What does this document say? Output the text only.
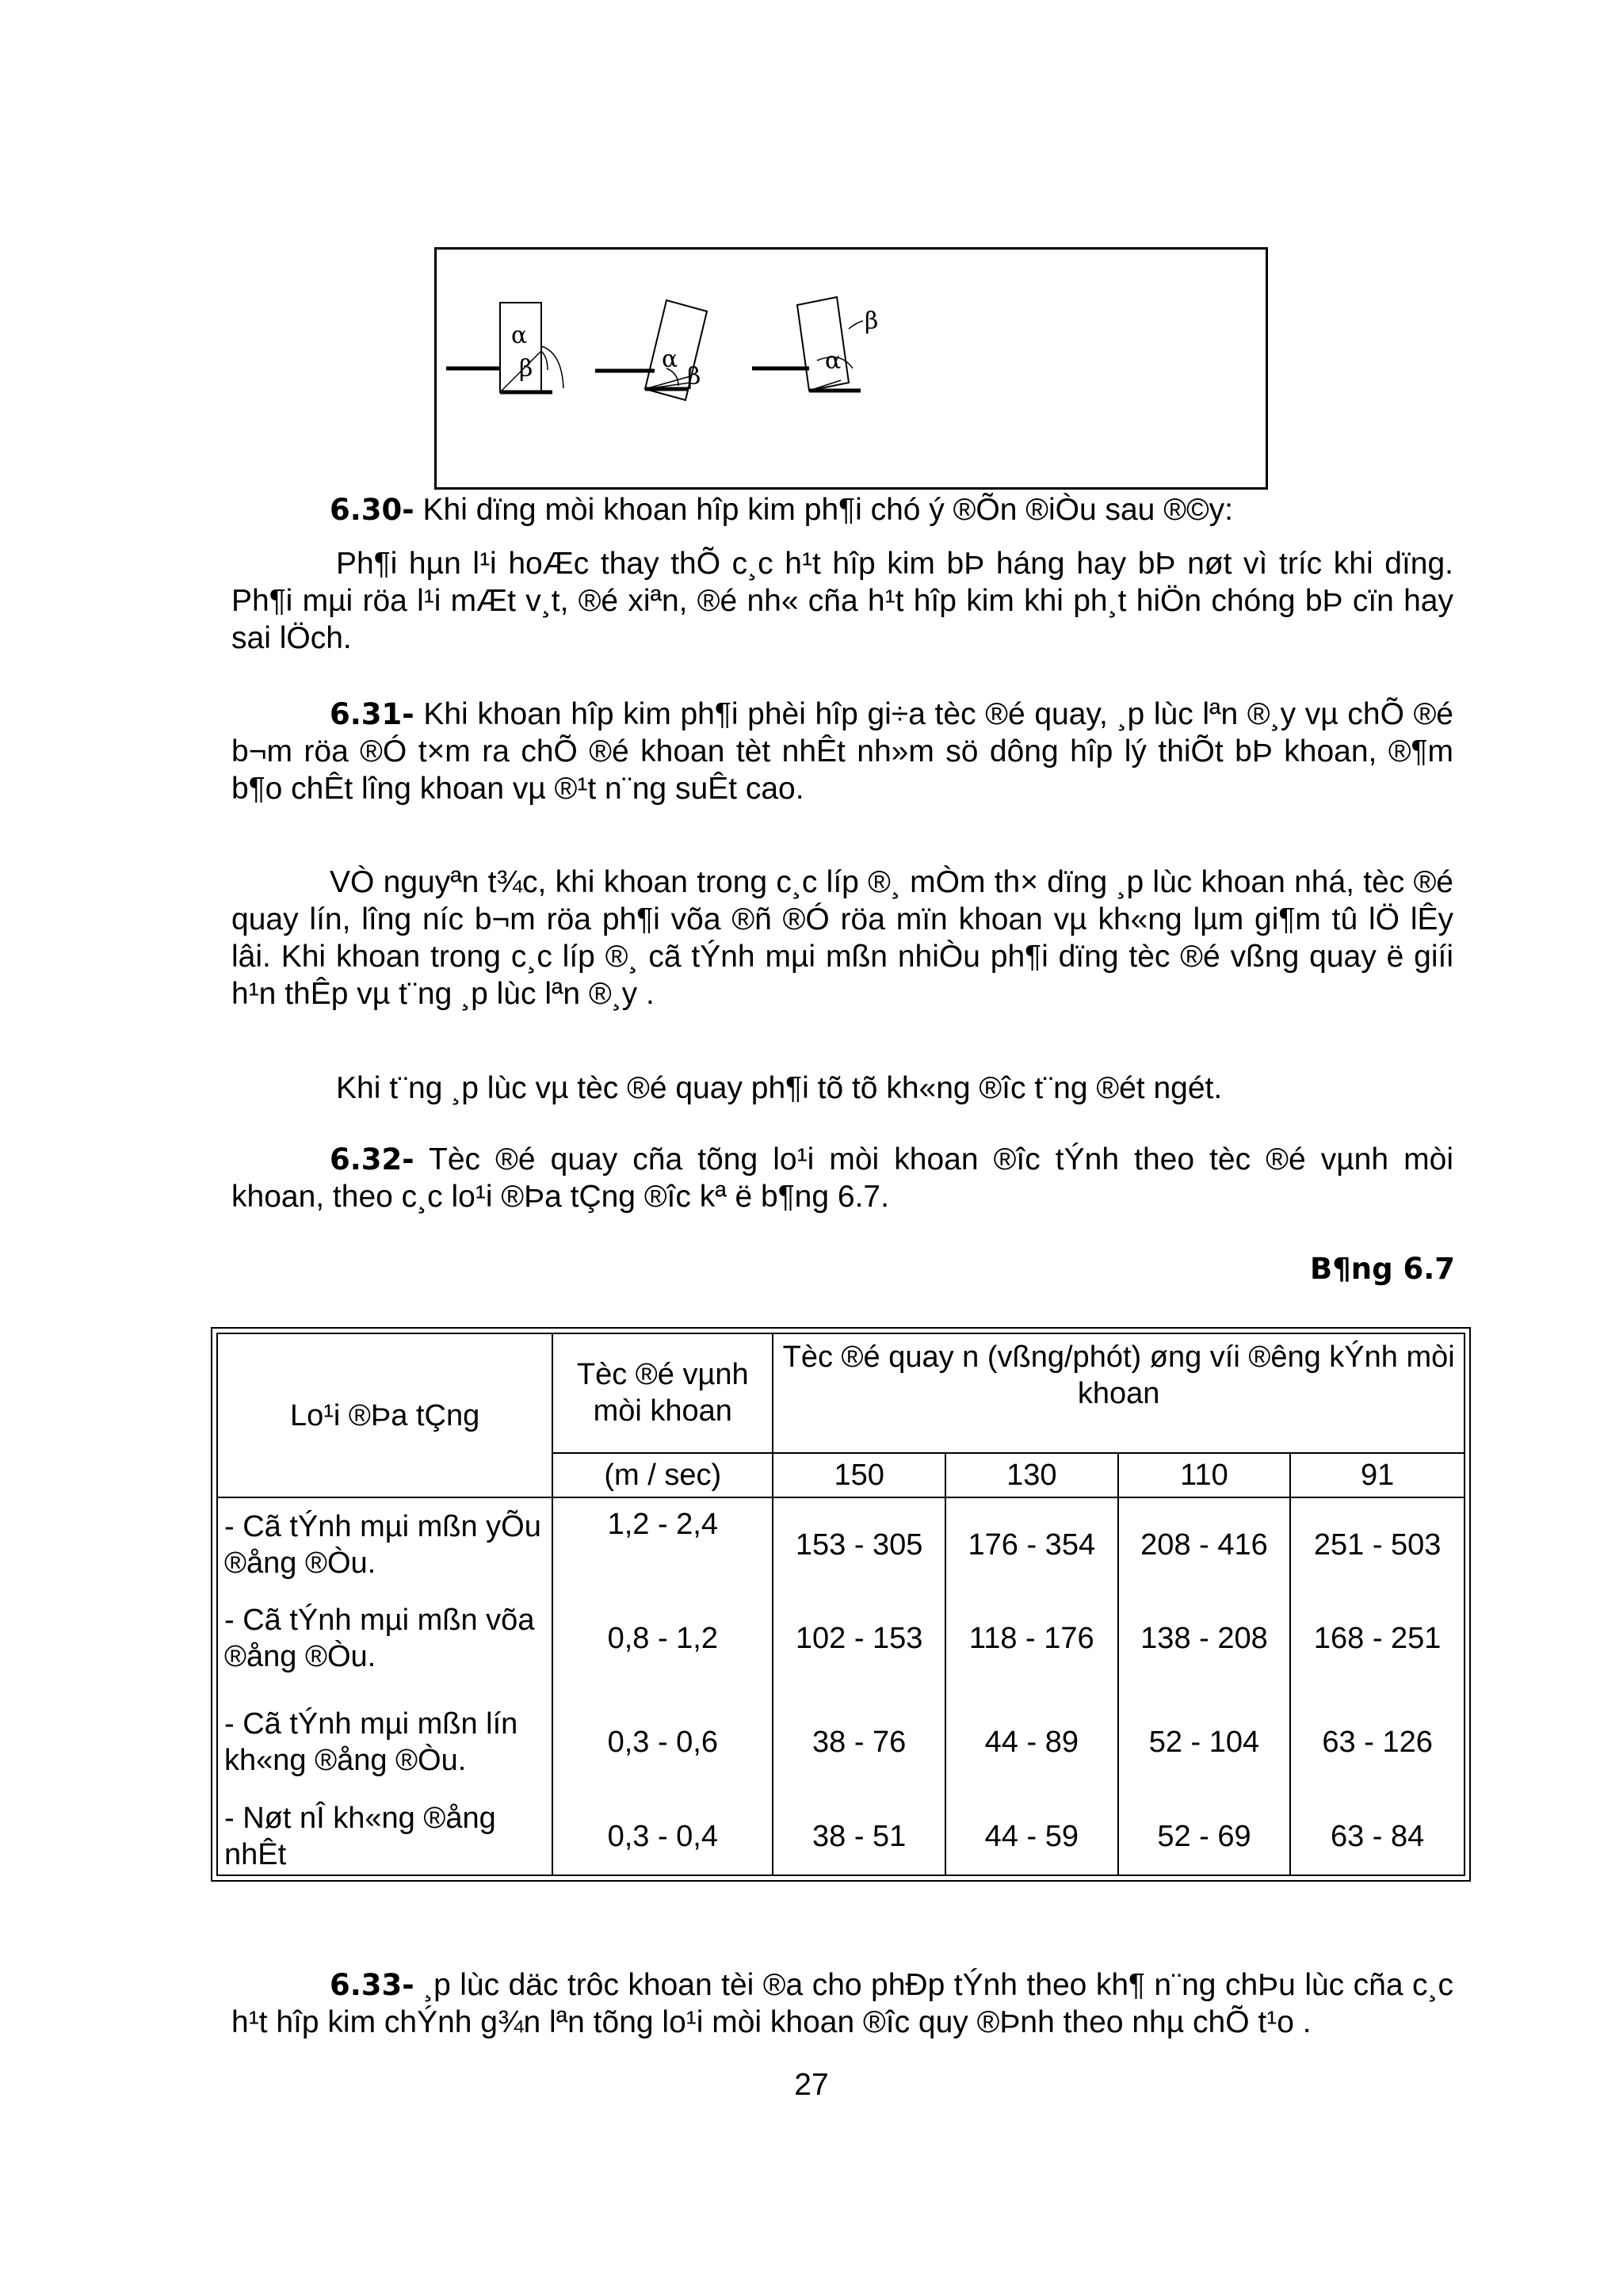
α
β	α
β
α
β

6.30- Khi dïng mòi khoan hîp kim ph¶i chó ý ®Õn ®iÒu sau ®©y:

Ph¶i hµn l¹i hoÆc thay thÕ c¸c h¹t hîp kim bÞ háng hay bÞ nøt vì tríc khi dïng. Ph¶i mµi röa l¹i mÆt v¸t, ®é xiªn, ®é nh« cña h¹t hîp kim khi ph¸t hiÖn chóng bÞ cïn hay sai lÖch.

6.31- Khi khoan hîp kim ph¶i phèi hîp gi÷a tèc ®é quay, ¸p lùc lªn ®¸y vµ chÕ ®é b¬m röa ®Ó t×m ra chÕ ®é khoan tèt nhÊt nh»m sö dông hîp lý thiÕt bÞ khoan, ®¶m b¶o chÊt lîng khoan vµ ®¹t n¨ng suÊt cao.

VÒ nguyªn t¾c, khi khoan trong c¸c líp ®¸ mÒm th× dïng ¸p lùc khoan nhá, tèc ®é quay lín, lîng níc b¬m röa ph¶i võa ®ñ ®Ó röa mïn khoan vµ kh«ng lµm gi¶m tû lÖ lÊy lâi. Khi khoan trong c¸c líp ®¸ cã tÝnh mµi mßn nhiÒu ph¶i dïng tèc ®é vßng quay ë giíi h¹n thÊp vµ t¨ng ¸p lùc lªn ®¸y .

Khi t¨ng ¸p lùc vµ tèc ®é quay ph¶i tõ tõ kh«ng ®îc t¨ng ®ét ngét.

6.32- Tèc ®é quay cña tõng lo¹i mòi khoan ®îc tÝnh theo tèc ®é vµnh mòi khoan, theo c¸c lo¹i ®Þa tÇng ®îc kª ë b¶ng 6.7.

B¶ng 6.7
Lo¹i ®Þa tÇng	Tèc ®é vµnh mòi khoan	Tèc ®é quay n (vßng/phót) øng víi ®êng kÝnh mòi khoan			
	(m / sec)	150	130	110	91
- Cã tÝnh mµi mßn yÕu ®ång ®Òu.	1,2 - 2,4	153 - 305	176 - 354	208 - 416	251 - 503
- Cã tÝnh mµi mßn võa ®ång ®Òu.	0,8 - 1,2	102 - 153	118 - 176	138 - 208	168 - 251
- Cã tÝnh mµi mßn lín kh«ng ®ång ®Òu.	0,3 - 0,6	38 - 76	44 - 89	52 - 104	63 - 126
- Nøt nÎ kh«ng ®ång nhÊt	0,3 - 0,4	38 - 51	44 - 59	52 - 69	63 - 84

6.33- ¸p lùc däc trôc khoan tèi ®a cho phÐp tÝnh theo kh¶ n¨ng chÞu lùc cña c¸c h¹t hîp kim chÝnh g¾n lªn tõng lo¹i mòi khoan ®îc quy ®Þnh theo nhµ chÕ t¹o .

27
